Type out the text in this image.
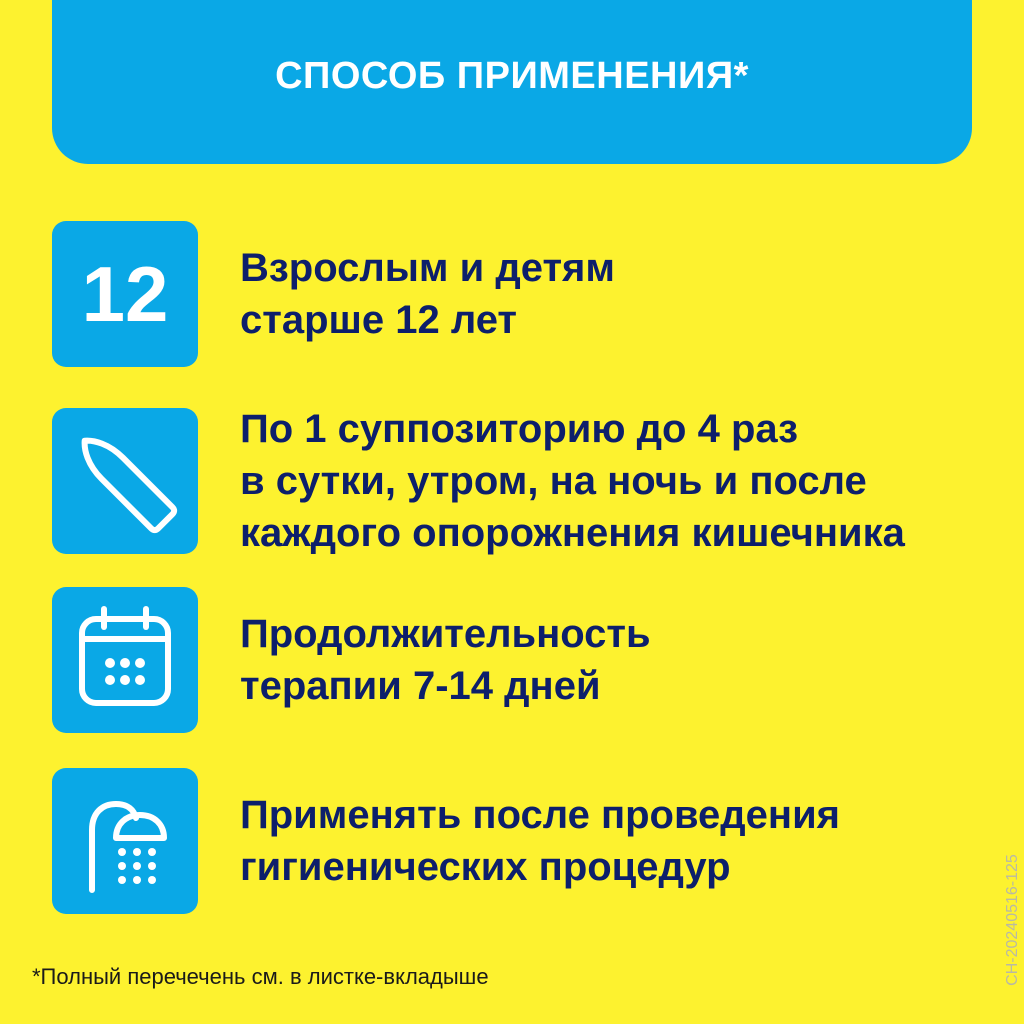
СПОСОБ ПРИМЕНЕНИЯ*
12 Взрослым и детям
старше 12 лет
По 1 суппозиторию до 4 раз
в сутки, утром, на ночь и после
каждого опорожнения кишечника
Продолжительность
терапии 7-14 дней
Применять после проведения
гигиенических процедур
*Полный перечечень см. в листке-вкладыше	СН-20240516-125
